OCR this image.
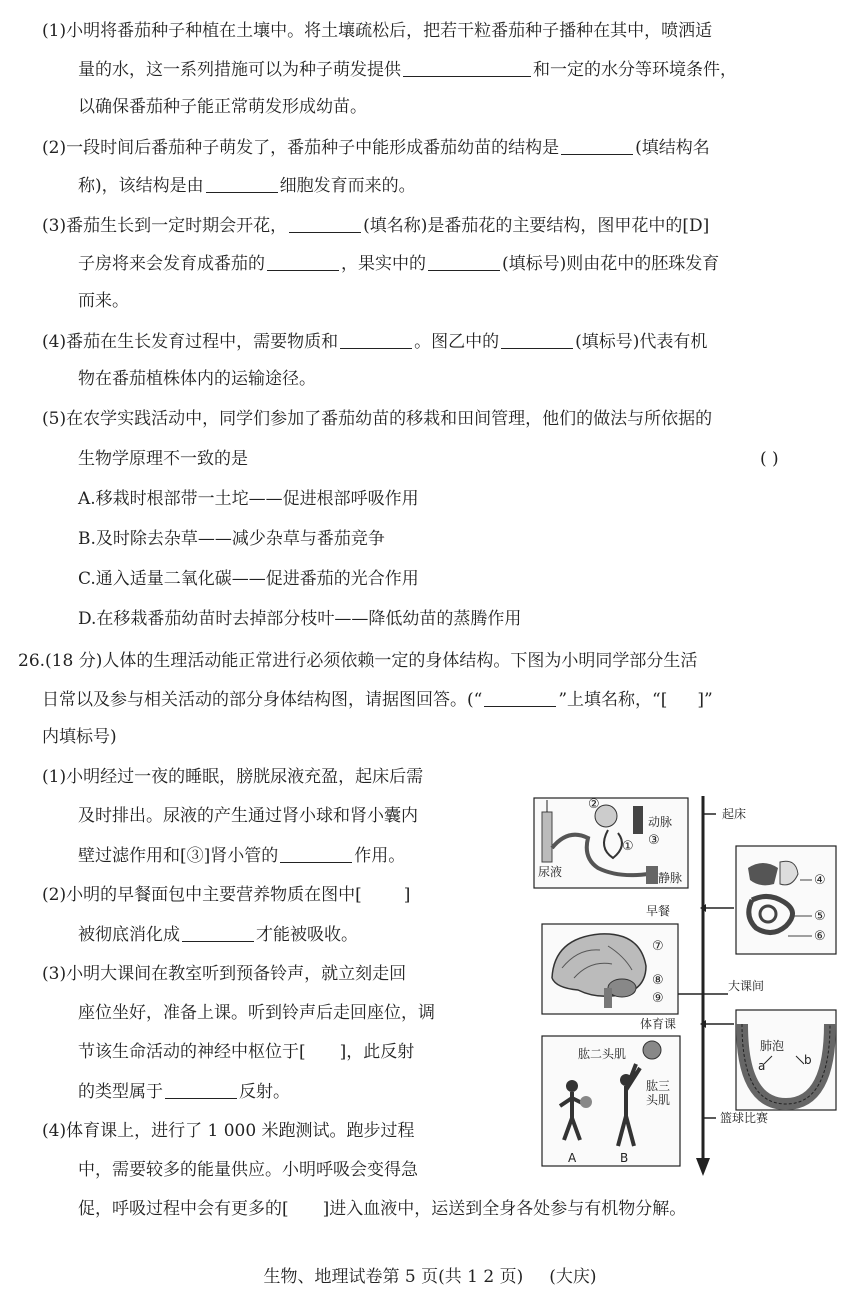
(1)小明将番茄种子种植在土壤中。将土壤疏松后，把若干粒番茄种子播种在其中，喷洒适
量的水，这一系列措施可以为种子萌发提供	和一定的水分等环境条件，
以确保番茄种子能正常萌发形成幼苗。
(2)一段时间后番茄种子萌发了，番茄种子中能形成番茄幼苗的结构是	(填结构名
称)，该结构是由	细胞发育而来的。
(3)番茄生长到一定时期会开花，	(填名称)是番茄花的主要结构，图甲花中的[D]
子房将来会发育成番茄的	，果实中的	(填标号)则由花中的胚珠发育
而来。
(4)番茄在生长发育过程中，需要物质和	。图乙中的	(填标号)代表有机
物在番茄植株体内的运输途径。
(5)在农学实践活动中，同学们参加了番茄幼苗的移栽和田间管理，他们的做法与所依据的
生物学原理不一致的是	( )
A.移栽时根部带一土坨——促进根部呼吸作用
B.及时除去杂草——减少杂草与番茄竞争
C.通入适量二氧化碳——促进番茄的光合作用
D.在移栽番茄幼苗时去掉部分枝叶——降低幼苗的蒸腾作用
26.(18 分)人体的生理活动能正常进行必须依赖一定的身体结构。下图为小明同学部分生活
日常以及参与相关活动的部分身体结构图，请据图回答。(“	”上填名称，“[ ]”
内填标号)
(1)小明经过一夜的睡眠，膀胱尿液充盈，起床后需
及时排出。尿液的产生通过肾小球和肾小囊内
壁过滤作用和[③]肾小管的	作用。
(2)小明的早餐面包中主要营养物质在图中[ ]
被彻底消化成	才能被吸收。
(3)小明大课间在教室听到预备铃声，就立刻走回
座位坐好，准备上课。听到铃声后走回座位，调
节该生命活动的神经中枢位于[ ]，此反射
的类型属于	反射。
(4)体育课上，进行了 1 000 米跑测试。跑步过程
中，需要较多的能量供应。小明呼吸会变得急
促，呼吸过程中会有更多的[ ]进入血液中，运送到全身各处参与有机物分解。
②
动脉
① ③
尿液	静脉
起床
④
⑤
⑥
早餐
⑦
⑧
⑨
大课间
体育课
肺泡
a	b
肱二头肌
肱三
头肌
A	B
篮球比赛
生物、地理试卷第 5 页(共 1 2 页) (大庆)
